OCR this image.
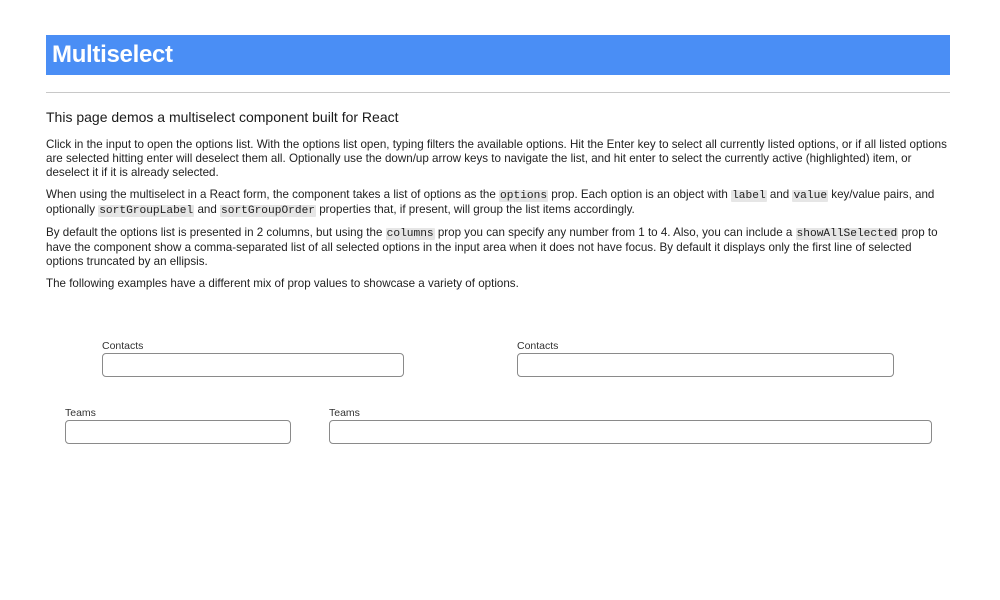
Multiselect
This page demos a multiselect component built for React

Click in the input to open the options list. With the options list open, typing filters the available options. Hit the Enter key to select all currently listed options, or if all listed options are selected hitting enter will deselect them all. Optionally use the down/up arrow keys to navigate the list, and hit enter to select the currently active (highlighted) item, or deselect it if it is already selected.

When using the multiselect in a React form, the component takes a list of options as the options prop. Each option is an object with label and value key/value pairs, and optionally sortGroupLabel and sortGroupOrder properties that, if present, will group the list items accordingly.

By default the options list is presented in 2 columns, but using the columns prop you can specify any number from 1 to 4. Also, you can include a showAllSelected prop to have the component show a comma-separated list of all selected options in the input area when it does not have focus. By default it displays only the first line of selected options truncated by an ellipsis.

The following examples have a different mix of prop values to showcase a variety of options.

Contacts	Contacts
Teams	Teams
